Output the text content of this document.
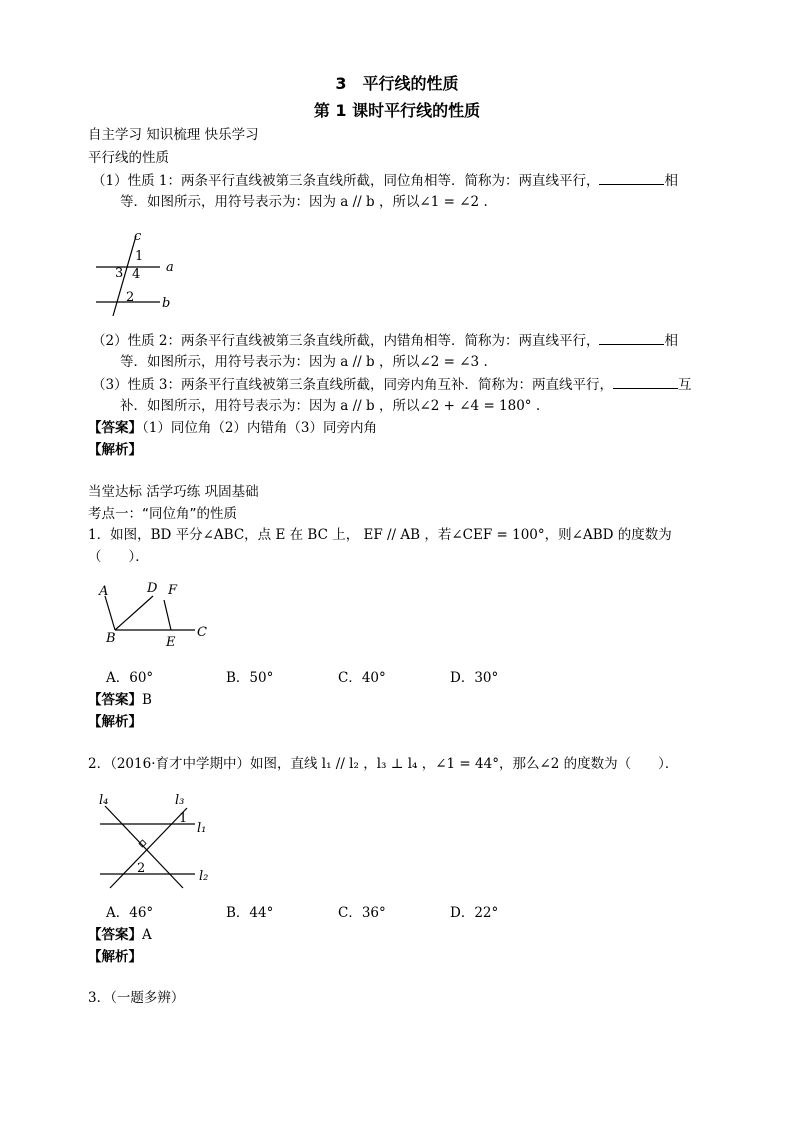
3　平行线的性质
第 1 课时平行线的性质
自主学习 知识梳理 快乐学习
平行线的性质
（1）性质 1：两条平行直线被第三条直线所截，同位角相等．简称为：两直线平行，	相
等．如图所示，用符号表示为：因为 a // b ，所以∠1 = ∠2 .
c
a
b
1
2
3 4
（2）性质 2：两条平行直线被第三条直线所截，内错角相等．简称为：两直线平行，	相
等．如图所示，用符号表示为：因为 a // b ，所以∠2 = ∠3 .
（3）性质 3：两条平行直线被第三条直线所截，同旁内角互补．简称为：两直线平行，	互
补．如图所示，用符号表示为：因为 a // b ，所以∠2 + ∠4 = 180° .
【答案】（1）同位角（2）内错角（3）同旁内角
【解析】
当堂达标 活学巧练 巩固基础
考点一：“同位角”的性质
1．如图，BD 平分∠ABC，点 E 在 BC 上， EF // AB ，若∠CEF = 100°，则∠ABD 的度数为
（　　）．
A
B	C
D
E
F
A．60°	B．50°	C．40°	D．30°
【答案】B
【解析】
2．（2016·育才中学期中）如图，直线 l₁ // l₂ ，l₃ ⊥ l₄ ，∠1 = 44°，那么∠2 的度数为（　　）．
l₄	l₃
l₁
l₂
1
2
A．46°	B．44°	C．36°	D．22°
【答案】A
【解析】
3．（一题多辨）
